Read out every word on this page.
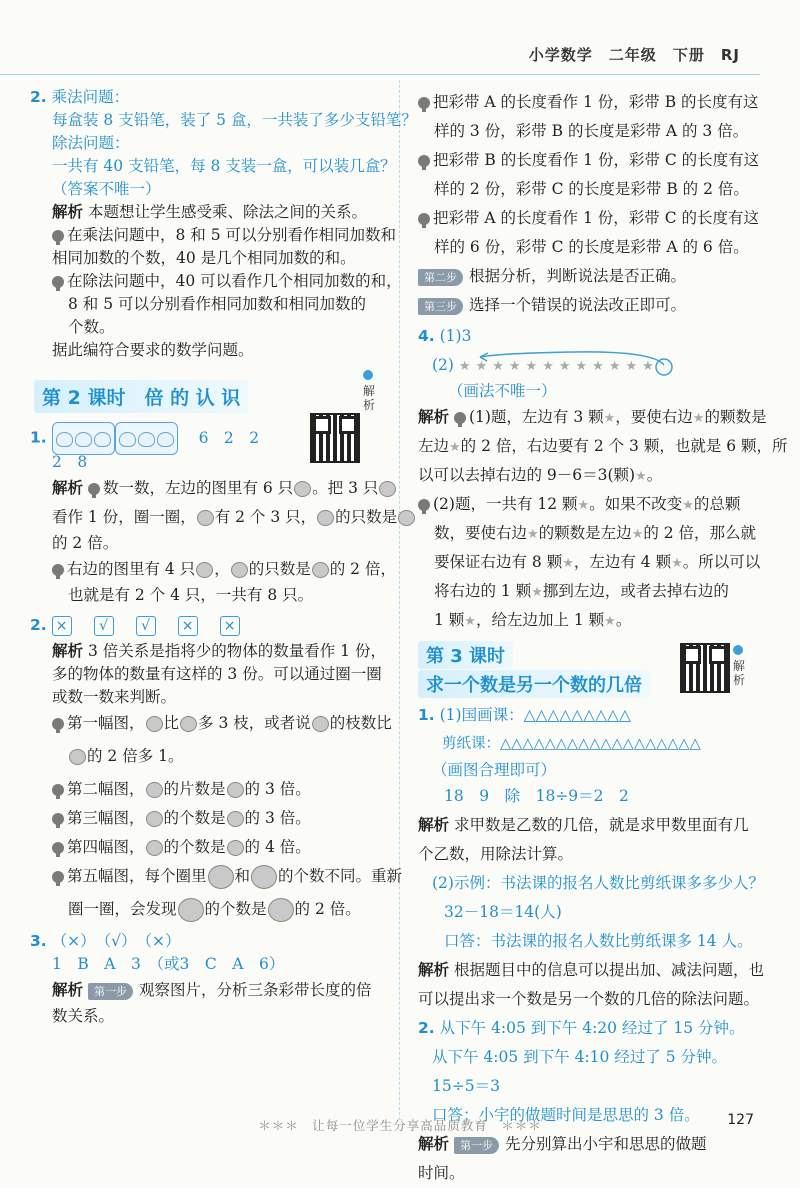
小学数学　 二年级　 下册　 RJ
2. 乘法问题：
每盒装 8 支铅笔，装了 5 盒，一共装了多少支铅笔？
除法问题：
一共有 40 支铅笔，每 8 支装一盒，可以装几盒？
（答案不唯一）
解析 本题想让学生感受乘、除法之间的关系。
在乘法问题中，8 和 5 可以分别看作相同加数和
相同加数的个数，40 是几个相同加数的和。
在除法问题中，40 可以看作几个相同加数的和，
8 和 5 可以分别看作相同加数和相同加数的
个数。
据此编符合要求的数学问题。
第 2 课时　倍 的 认 识	解析
1.	6　2　2
2　8
解析 数一数，左边的图里有 6 只 。把 3 只
看作 1 份，圈一圈， 有 2 个 3 只， 的只数是
的 2 倍。
右边的图里有 4 只 ， 的只数是 的 2 倍，
也就是有 2 个 4 只，一共有 8 只。
2. × √ √ × ×
解析 3 倍关系是指将少的物体的数量看作 1 份，
多的物体的数量有这样的 3 份。可以通过圈一圈
或数一数来判断。
第一幅图， 比 多 3 枝，或者说 的枝数比
的 2 倍多 1。
第二幅图， 的片数是 的 3 倍。
第三幅图， 的个数是 的 3 倍。
第四幅图， 的个数是 的 4 倍。
第五幅图，每个圈里 和 的个数不同。重新
圈一圈，会发现 的个数是 的 2 倍。
3. （×）　（√）　（×）
1　B　A　3　（或3　C　A　6）
解析 第一步 观察图片，分析三条彩带长度的倍
数关系。
把彩带 A 的长度看作 1 份，彩带 B 的长度有这
样的 3 份，彩带 B 的长度是彩带 A 的 3 倍。
把彩带 B 的长度看作 1 份，彩带 C 的长度有这
样的 2 份，彩带 C 的长度是彩带 B 的 2 倍。
把彩带 A 的长度看作 1 份，彩带 C 的长度有这
样的 6 份，彩带 C 的长度是彩带 A 的 6 倍。
第二步 根据分析，判断说法是否正确。
第三步 选择一个错误的说法改正即可。
4. (1)3
(2) ★★★★★★★★★★★★
（画法不唯一）
解析 (1)题，左边有 3 颗★，要使右边★的颗数是
左边★的 2 倍，右边要有 2 个 3 颗，也就是 6 颗，所
以可以去掉右边的 9－6＝3(颗)★。
(2)题，一共有 12 颗★。如果不改变★的总颗
数，要使右边★的颗数是左边★的 2 倍，那么就
要保证右边有 8 颗★，左边有 4 颗★。所以可以
将右边的 1 颗★挪到左边，或者去掉右边的
1 颗★，给左边加上 1 颗★。
第 3 课时
求一个数是另一个数的几倍
解析
1. (1)国画课：△△△△△△△△△
剪纸课：△△△△△△△△△△△△△△△△△△
（画图合理即可）
18　9　除　18÷9＝2　2
解析 求甲数是乙数的几倍，就是求甲数里面有几
个乙数，用除法计算。
(2)示例：书法课的报名人数比剪纸课多多少人？
32－18＝14(人)
口答：书法课的报名人数比剪纸课多 14 人。
解析 根据题目中的信息可以提出加、减法问题，也
可以提出求一个数是另一个数的几倍的除法问题。
2. 从下午 4:05 到下午 4:20 经过了 15 分钟。
从下午 4:05 到下午 4:10 经过了 5 分钟。
15÷5＝3
口答：小宇的做题时间是思思的 3 倍。
解析 第一步 先分别算出小宇和思思的做题
时间。
＊＊＊　让每一位学生分享高品质教育　＊＊＊	127
